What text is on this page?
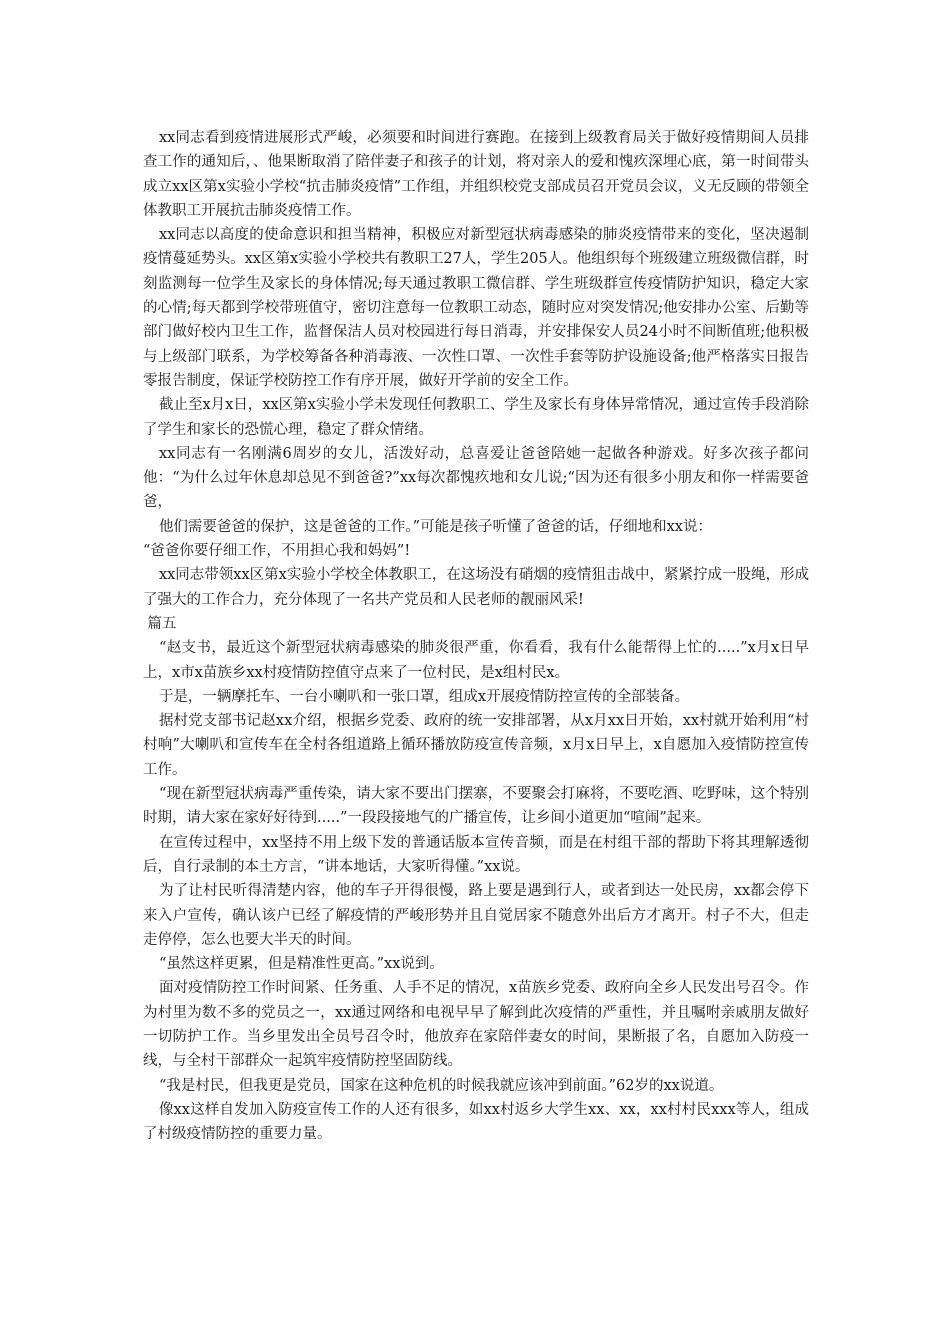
xx同志看到疫情进展形式严峻，必须要和时间进行赛跑。在接到上级教育局关于做好疫情期间人员排查工作的通知后，、他果断取消了陪伴妻子和孩子的计划，将对亲人的爱和愧疚深埋心底，第一时间带头成立xx区第x实验小学校“抗击肺炎疫情”工作组，并组织校党支部成员召开党员会议，义无反顾的带领全体教职工开展抗击肺炎疫情工作。

xx同志以高度的使命意识和担当精神，积极应对新型冠状病毒感染的肺炎疫情带来的变化，坚决遏制疫情蔓延势头。xx区第x实验小学校共有教职工27人，学生205人。他组织每个班级建立班级微信群，时刻监测每一位学生及家长的身体情况;每天通过教职工微信群、学生班级群宣传疫情防护知识，稳定大家的心情;每天都到学校带班值守，密切注意每一位教职工动态，随时应对突发情况;他安排办公室、后勤等部门做好校内卫生工作，监督保洁人员对校园进行每日消毒，并安排保安人员24小时不间断值班;他积极与上级部门联系，为学校筹备各种消毒液、一次性口罩、一次性手套等防护设施设备;他严格落实日报告零报告制度，保证学校防控工作有序开展，做好开学前的安全工作。

截止至x月x日，xx区第x实验小学未发现任何教职工、学生及家长有身体异常情况，通过宣传手段消除了学生和家长的恐慌心理，稳定了群众情绪。

xx同志有一名刚满6周岁的女儿，活泼好动，总喜爱让爸爸陪她一起做各种游戏。好多次孩子都问他：“为什么过年休息却总见不到爸爸?”xx每次都愧疚地和女儿说;“因为还有很多小朋友和你一样需要爸爸，

他们需要爸爸的保护，这是爸爸的工作。”可能是孩子听懂了爸爸的话，仔细地和xx说：

“爸爸你要仔细工作，不用担心我和妈妈”!

xx同志带领xx区第x实验小学校全体教职工，在这场没有硝烟的疫情狙击战中，紧紧拧成一股绳，形成了强大的工作合力，充分体现了一名共产党员和人民老师的靓丽风采!

篇五

“赵支书，最近这个新型冠状病毒感染的肺炎很严重，你看看，我有什么能帮得上忙的.....”x月x日早上，x市x苗族乡xx村疫情防控值守点来了一位村民，是x组村民x。

于是，一辆摩托车、一台小喇叭和一张口罩，组成x开展疫情防控宣传的全部装备。

据村党支部书记赵xx介绍，根据乡党委、政府的统一安排部署，从x月xx日开始，xx村就开始利用“村村响”大喇叭和宣传车在全村各组道路上循环播放防疫宣传音频，x月x日早上，x自愿加入疫情防控宣传工作。

“现在新型冠状病毒严重传染，请大家不要出门摆寨，不要聚会打麻将，不要吃酒、吃野味，这个特别时期，请大家在家好好待到.....”一段段接地气的广播宣传，让乡间小道更加“喧闹”起来。

在宣传过程中，xx坚持不用上级下发的普通话版本宣传音频，而是在村组干部的帮助下将其理解透彻后，自行录制的本土方言，“讲本地话，大家听得懂。”xx说。

为了让村民听得清楚内容，他的车子开得很慢，路上要是遇到行人，或者到达一处民房，xx都会停下来入户宣传，确认该户已经了解疫情的严峻形势并且自觉居家不随意外出后方才离开。村子不大，但走走停停，怎么也要大半天的时间。

“虽然这样更累，但是精准性更高。”xx说到。

面对疫情防控工作时间紧、任务重、人手不足的情况，x苗族乡党委、政府向全乡人民发出号召令。作为村里为数不多的党员之一，xx通过网络和电视早早了解到此次疫情的严重性，并且嘱咐亲戚朋友做好一切防护工作。当乡里发出全员号召令时，他放弃在家陪伴妻女的时间，果断报了名，自愿加入防疫一线，与全村干部群众一起筑牢疫情防控坚固防线。

“我是村民，但我更是党员，国家在这种危机的时候我就应该冲到前面。”62岁的xx说道。

像xx这样自发加入防疫宣传工作的人还有很多，如xx村返乡大学生xx、xx，xx村村民xxx等人，组成了村级疫情防控的重要力量。
